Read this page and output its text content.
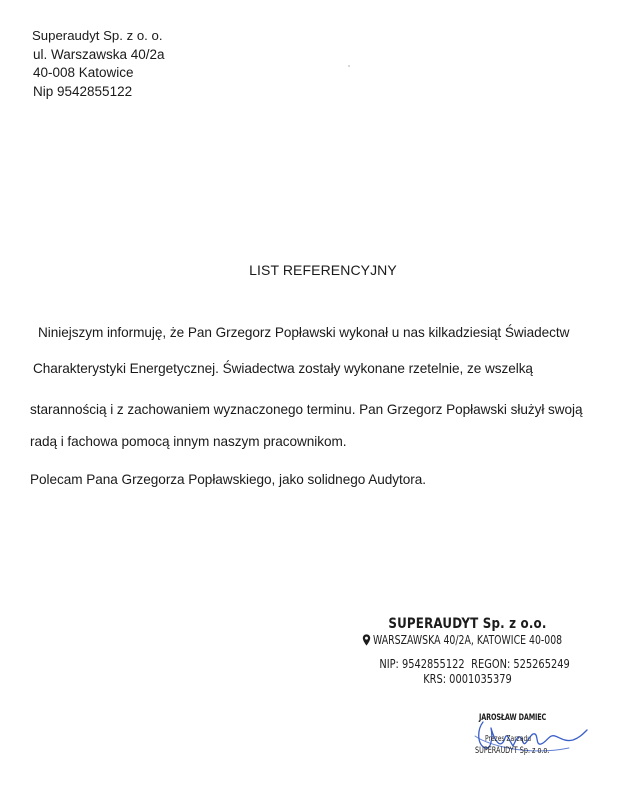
Superaudyt Sp. z o. o.
ul. Warszawska 40/2a
40-008 Katowice
Nip 9542855122
LIST REFERENCYJNY
Niniejszym informuję, że Pan Grzegorz Popławski wykonał u nas kilkadziesiąt Świadectw
Charakterystyki Energetycznej. Świadectwa zostały wykonane rzetelnie, ze wszelką
starannością i z zachowaniem wyznaczonego terminu. Pan Grzegorz Popławski służył swoją
radą i fachowa pomocą innym naszym pracownikom.
Polecam Pana Grzegorza Popławskiego, jako solidnego Audytora.
SUPERAUDYT Sp. z o.o.
WARSZAWSKA 40/2A, KATOWICE 40-008
NIP: 9542855122 REGON: 525265249
KRS: 0001035379
JAROSŁAW DAMIEC
Prezes Zarządu
SUPERAUDYT Sp. z o.o.
